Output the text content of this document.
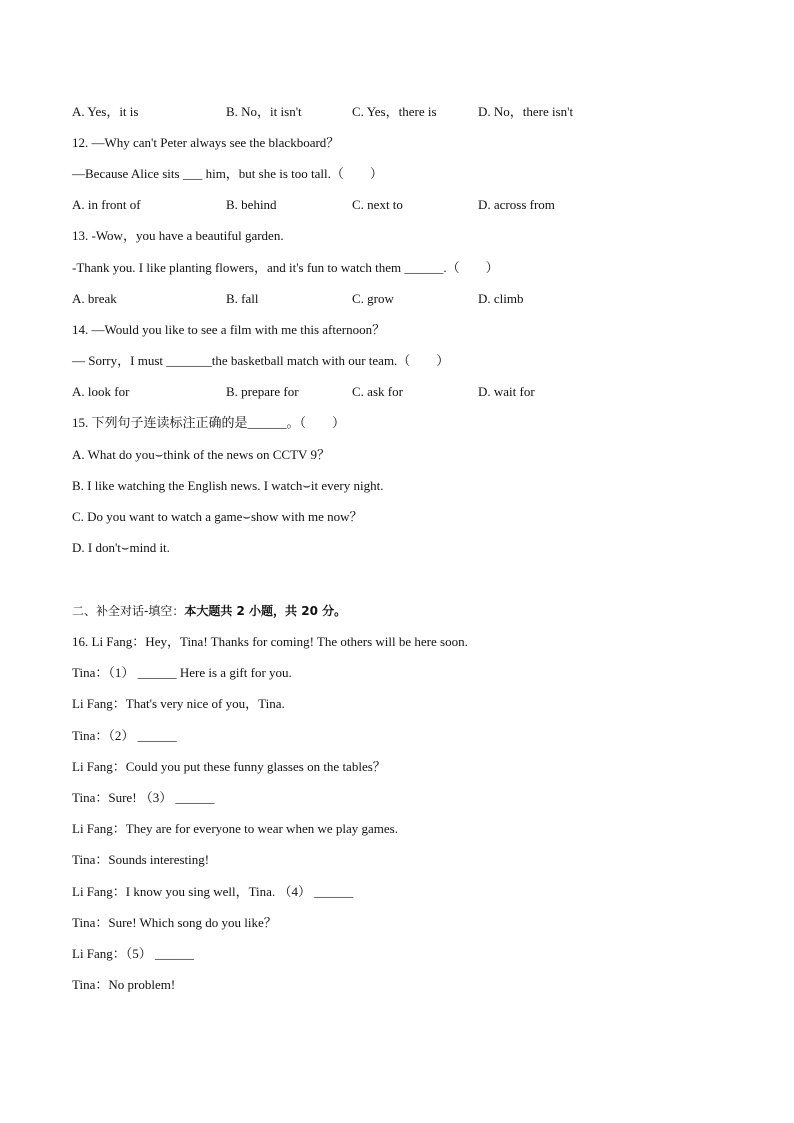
A. Yes，it is	B. No，it isn't	C. Yes，there is	D. No，there isn't
12. —Why can't Peter always see the blackboard？
—Because Alice sits ___ him，but she is too tall.（　　）
A. in front of	B. behind	C. next to	D. across from
13. -Wow，you have a beautiful garden.
-Thank you. I like planting flowers，and it's fun to watch them ______.（　　）
A. break	B. fall	C. grow	D. climb
14. —Would you like to see a film with me this afternoon？
— Sorry，I must _______the basketball match with our team.（　　）
A. look for	B. prepare for	C. ask for	D. wait for
15. 下列句子连读标注正确的是______。（　　）
A. What do you⌣think of the news on CCTV 9？
B. I like watching the English news. I watch⌣it every night.
C. Do you want to watch a game⌣show with me now？
D. I don't⌣mind it.
二、补全对话-填空：本大题共 2 小题，共 20 分。
16. Li Fang：Hey，Tina! Thanks for coming! The others will be here soon.
Tina：（1） ______ Here is a gift for you.
Li Fang：That's very nice of you，Tina.
Tina：（2） ______
Li Fang：Could you put these funny glasses on the tables？
Tina：Sure! （3） ______
Li Fang：They are for everyone to wear when we play games.
Tina：Sounds interesting!
Li Fang：I know you sing well，Tina. （4） ______
Tina：Sure! Which song do you like？
Li Fang：（5） ______
Tina：No problem!
